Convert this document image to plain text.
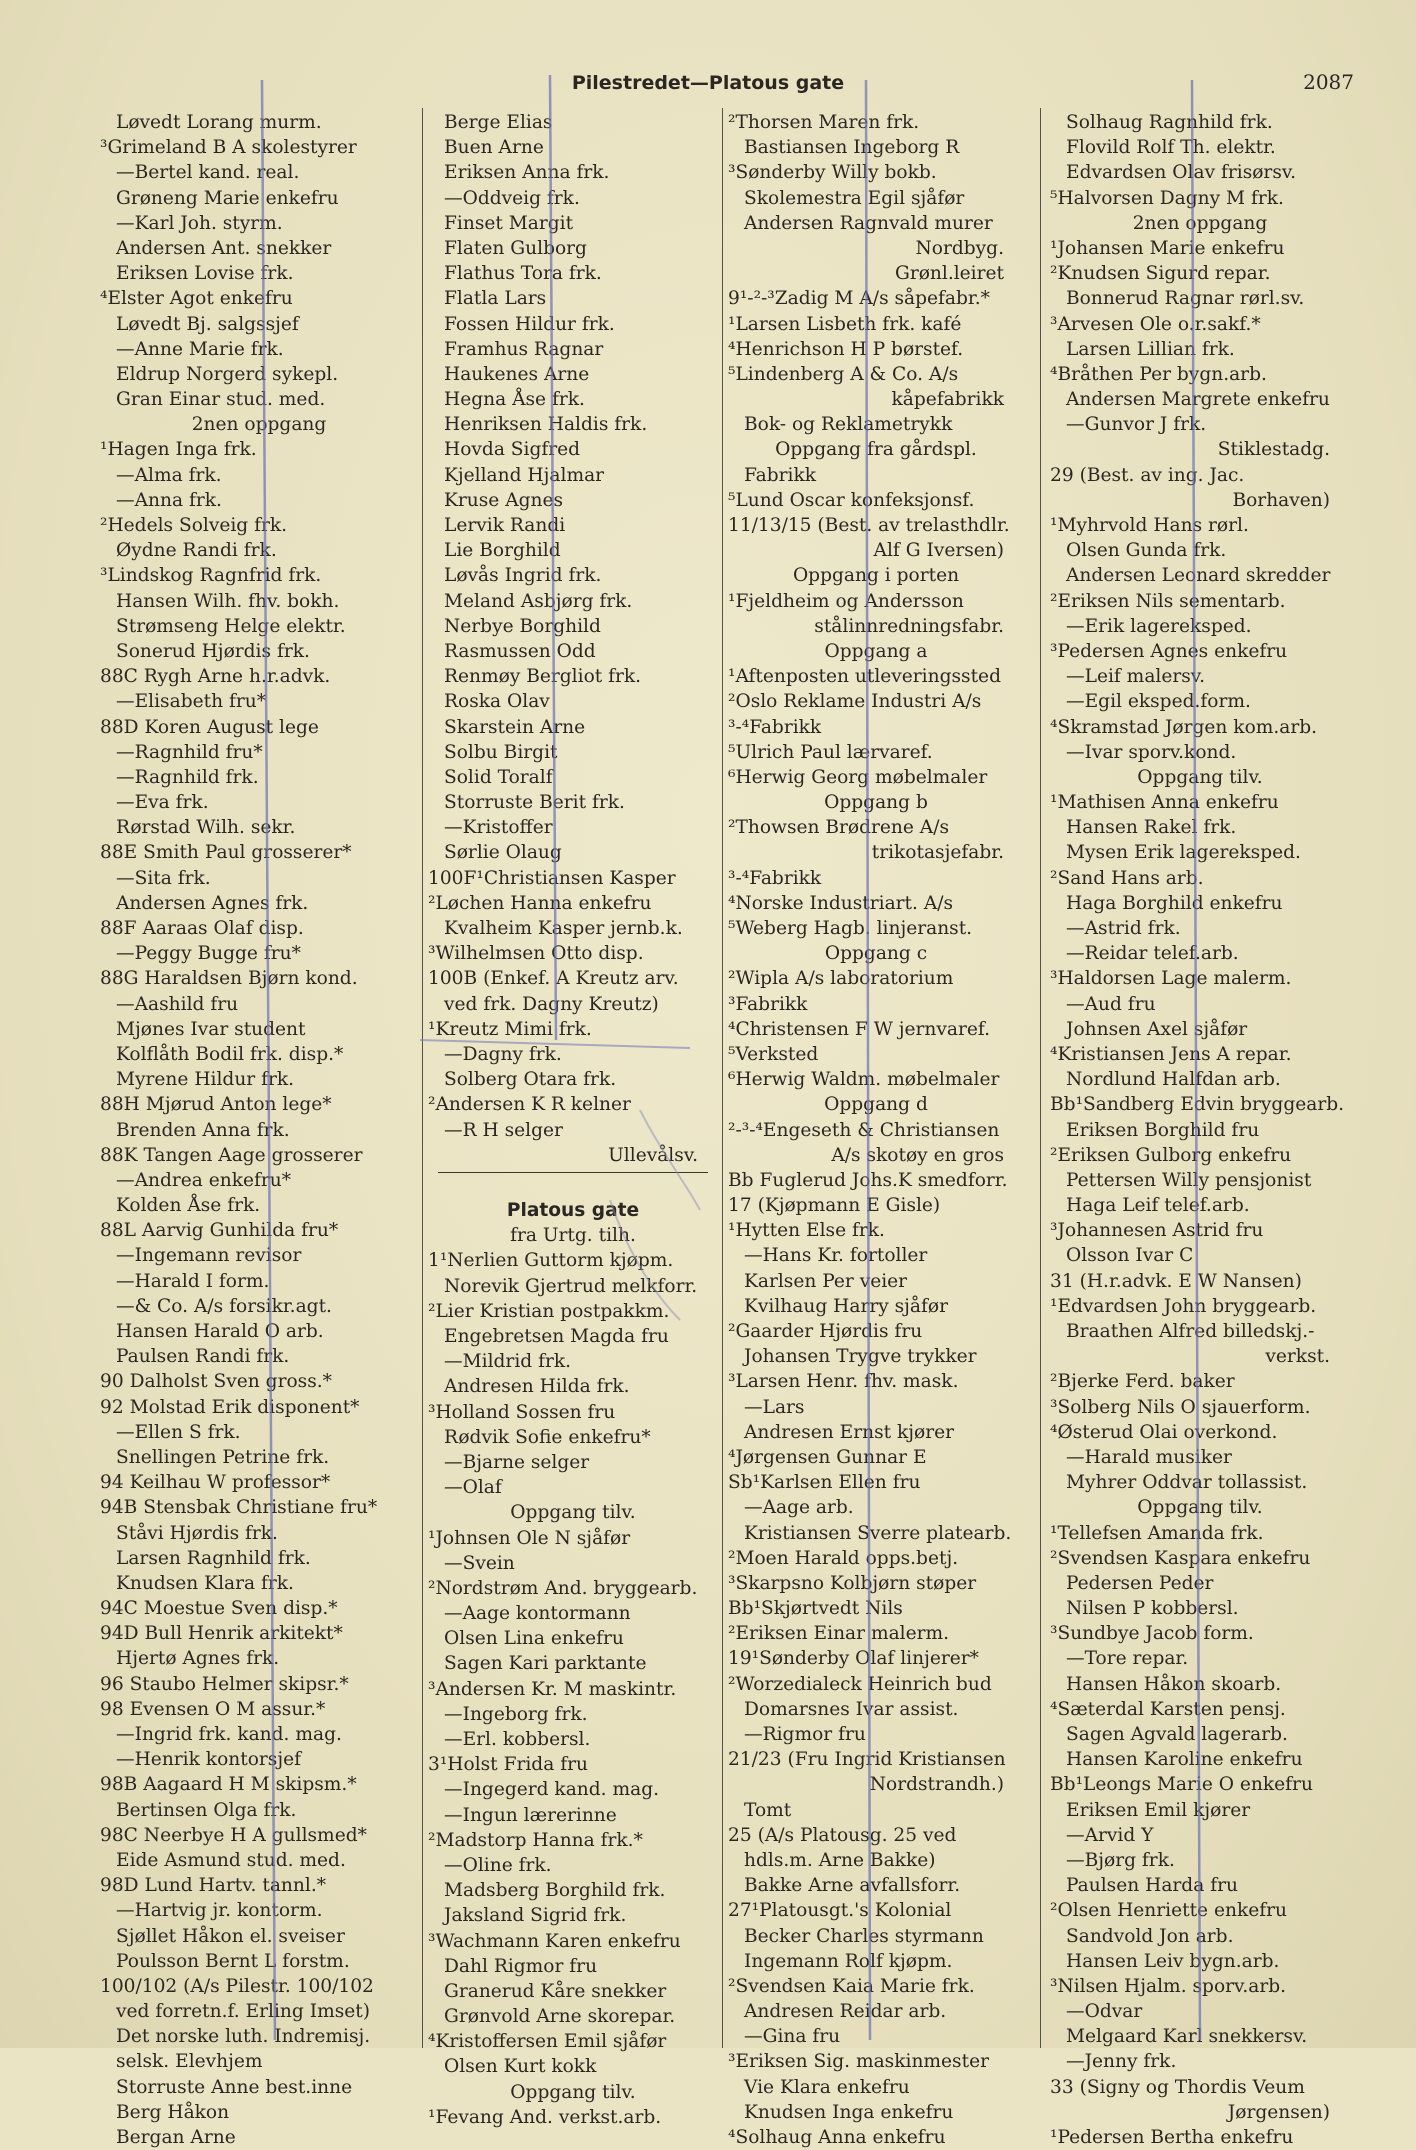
Pilestredet—Platous gate	2087
Løvedt Lorang murm.
³Grimeland B A skolestyrer
—Bertel kand. real.
Grøneng Marie enkefru
—Karl Joh. styrm.
Andersen Ant. snekker
Eriksen Lovise frk.
⁴Elster Agot enkefru
Løvedt Bj. salgssjef
—Anne Marie frk.
Eldrup Norgerd sykepl.
Gran Einar stud. med.
2nen oppgang
¹Hagen Inga frk.
—Alma frk.
—Anna frk.
²Hedels Solveig frk.
Øydne Randi frk.
³Lindskog Ragnfrid frk.
Hansen Wilh. fhv. bokh.
Strømseng Helge elektr.
Sonerud Hjørdis frk.
88C Rygh Arne h.r.advk.
—Elisabeth fru*
88D Koren August lege
—Ragnhild fru*
—Ragnhild frk.
—Eva frk.
Rørstad Wilh. sekr.
88E Smith Paul grosserer*
—Sita frk.
Andersen Agnes frk.
88F Aaraas Olaf disp.
—Peggy Bugge fru*
88G Haraldsen Bjørn kond.
—Aashild fru
Mjønes Ivar student
Kolflåth Bodil frk. disp.*
Myrene Hildur frk.
88H Mjørud Anton lege*
Brenden Anna frk.
88K Tangen Aage grosserer
—Andrea enkefru*
Kolden Åse frk.
88L Aarvig Gunhilda fru*
—Ingemann revisor
—Harald I form.
—& Co. A/s forsikr.agt.
Hansen Harald O arb.
Paulsen Randi frk.
90 Dalholst Sven gross.*
92 Molstad Erik disponent*
—Ellen S frk.
Snellingen Petrine frk.
94 Keilhau W professor*
94B Stensbak Christiane fru*
Ståvi Hjørdis frk.
Larsen Ragnhild frk.
Knudsen Klara frk.
94C Moestue Sven disp.*
94D Bull Henrik arkitekt*
Hjertø Agnes frk.
96 Staubo Helmer skipsr.*
98 Evensen O M assur.*
—Ingrid frk. kand. mag.
—Henrik kontorsjef
98B Aagaard H M skipsm.*
Bertinsen Olga frk.
98C Neerbye H A gullsmed*
Eide Asmund stud. med.
98D Lund Hartv. tannl.*
—Hartvig jr. kontorm.
Sjøllet Håkon el. sveiser
Poulsson Bernt L forstm.
100/102 (A/s Pilestr. 100/102
ved forretn.f. Erling Imset)
Det norske luth. Indremisj.
selsk. Elevhjem
Storruste Anne best.inne
Berg Håkon
Bergan Arne
Berge Elias
Buen Arne
Eriksen Anna frk.
—Oddveig frk.
Finset Margit
Flaten Gulborg
Flathus Tora frk.
Flatla Lars
Fossen Hildur frk.
Framhus Ragnar
Haukenes Arne
Hegna Åse frk.
Henriksen Haldis frk.
Hovda Sigfred
Kjelland Hjalmar
Kruse Agnes
Lervik Randi
Lie Borghild
Løvås Ingrid frk.
Meland Asbjørg frk.
Nerbye Borghild
Rasmussen Odd
Renmøy Bergliot frk.
Roska Olav
Skarstein Arne
Solbu Birgit
Solid Toralf
Storruste Berit frk.
—Kristoffer
Sørlie Olaug
100F¹Christiansen Kasper
²Løchen Hanna enkefru
Kvalheim Kasper jernb.k.
³Wilhelmsen Otto disp.
100B (Enkef. A Kreutz arv.
ved frk. Dagny Kreutz)
¹Kreutz Mimi frk.
—Dagny frk.
Solberg Otara frk.
²Andersen K R kelner
—R H selger
Ullevålsv.
Platous gate
fra Urtg. tilh.
1¹Nerlien Guttorm kjøpm.
Norevik Gjertrud melkforr.
²Lier Kristian postpakkm.
Engebretsen Magda fru
—Mildrid frk.
Andresen Hilda frk.
³Holland Sossen fru
Rødvik Sofie enkefru*
—Bjarne selger
—Olaf
Oppgang tilv.
¹Johnsen Ole N sjåfør
—Svein
²Nordstrøm And. bryggearb.
—Aage kontormann
Olsen Lina enkefru
Sagen Kari parktante
³Andersen Kr. M maskintr.
—Ingeborg frk.
—Erl. kobbersl.
3¹Holst Frida fru
—Ingegerd kand. mag.
—Ingun lærerinne
²Madstorp Hanna frk.*
—Oline frk.
Madsberg Borghild frk.
Jaksland Sigrid frk.
³Wachmann Karen enkefru
Dahl Rigmor fru
Granerud Kåre snekker
Grønvold Arne skorepar.
⁴Kristoffersen Emil sjåfør
Olsen Kurt kokk
Oppgang tilv.
¹Fevang And. verkst.arb.
²Thorsen Maren frk.
Bastiansen Ingeborg R
³Sønderby Willy bokb.
Skolemestra Egil sjåfør
Andersen Ragnvald murer
Nordbyg.
Grønl.leiret
9¹-²-³Zadig M A/s såpefabr.*
¹Larsen Lisbeth frk. kafé
⁴Henrichson H P børstef.
⁵Lindenberg A & Co. A/s
kåpefabrikk
Bok- og Reklametrykk
Oppgang fra gårdspl.
Fabrikk
⁵Lund Oscar konfeksjonsf.
11/13/15 (Best. av trelasthdlr.
Alf G Iversen)
Oppgang i porten
¹Fjeldheim og Andersson
stålinnredningsfabr.
Oppgang a
¹Aftenposten utleveringssted
²Oslo Reklame Industri A/s
³-⁴Fabrikk
⁵Ulrich Paul lærvaref.
⁶Herwig Georg møbelmaler
Oppgang b
²Thowsen Brødrene A/s
trikotasjefabr.
³-⁴Fabrikk
⁴Norske Industriart. A/s
⁵Weberg Hagb. linjeranst.
Oppgang c
²Wipla A/s laboratorium
³Fabrikk
⁴Christensen F W jernvaref.
⁵Verksted
⁶Herwig Waldm. møbelmaler
Oppgang d
²-³-⁴Engeseth & Christiansen
A/s skotøy en gros
Bb Fuglerud Johs.K smedforr.
17 (Kjøpmann E Gisle)
¹Hytten Else frk.
—Hans Kr. fortoller
Karlsen Per veier
Kvilhaug Harry sjåfør
²Gaarder Hjørdis fru
Johansen Trygve trykker
³Larsen Henr. fhv. mask.
—Lars
Andresen Ernst kjører
⁴Jørgensen Gunnar E
Sb¹Karlsen Ellen fru
—Aage arb.
Kristiansen Sverre platearb.
²Moen Harald opps.betj.
³Skarpsno Kolbjørn støper
Bb¹Skjørtvedt Nils
²Eriksen Einar malerm.
19¹Sønderby Olaf linjerer*
²Worzedialeck Heinrich bud
Domarsnes Ivar assist.
—Rigmor fru
21/23 (Fru Ingrid Kristiansen
Nordstrandh.)
Tomt
25 (A/s Platousg. 25 ved
hdls.m. Arne Bakke)
Bakke Arne avfallsforr.
27¹Platousgt.'s Kolonial
Becker Charles styrmann
Ingemann Rolf kjøpm.
²Svendsen Kaia Marie frk.
Andresen Reidar arb.
—Gina fru
³Eriksen Sig. maskinmester
Vie Klara enkefru
Knudsen Inga enkefru
⁴Solhaug Anna enkefru
Solhaug Ragnhild frk.
Flovild Rolf Th. elektr.
Edvardsen Olav frisørsv.
⁵Halvorsen Dagny M frk.
2nen oppgang
¹Johansen Marie enkefru
²Knudsen Sigurd repar.
Bonnerud Ragnar rørl.sv.
³Arvesen Ole o.r.sakf.*
Larsen Lillian frk.
⁴Bråthen Per bygn.arb.
Andersen Margrete enkefru
—Gunvor J frk.
Stiklestadg.
29 (Best. av ing. Jac.
Borhaven)
¹Myhrvold Hans rørl.
Olsen Gunda frk.
Andersen Leonard skredder
²Eriksen Nils sementarb.
—Erik lagereksped.
³Pedersen Agnes enkefru
—Leif malersv.
—Egil eksped.form.
⁴Skramstad Jørgen kom.arb.
—Ivar sporv.kond.
Oppgang tilv.
¹Mathisen Anna enkefru
Hansen Rakel frk.
Mysen Erik lagereksped.
²Sand Hans arb.
Haga Borghild enkefru
—Astrid frk.
—Reidar telef.arb.
³Haldorsen Lage malerm.
—Aud fru
Johnsen Axel sjåfør
⁴Kristiansen Jens A repar.
Nordlund Halfdan arb.
Bb¹Sandberg Edvin bryggearb.
Eriksen Borghild fru
²Eriksen Gulborg enkefru
Pettersen Willy pensjonist
Haga Leif telef.arb.
³Johannesen Astrid fru
Olsson Ivar C
31 (H.r.advk. E W Nansen)
¹Edvardsen John bryggearb.
Braathen Alfred billedskj.-
verkst.
²Bjerke Ferd. baker
³Solberg Nils O sjauerform.
⁴Østerud Olai overkond.
—Harald musiker
Myhrer Oddvar tollassist.
Oppgang tilv.
¹Tellefsen Amanda frk.
²Svendsen Kaspara enkefru
Pedersen Peder
Nilsen P kobbersl.
³Sundbye Jacob form.
—Tore repar.
Hansen Håkon skoarb.
⁴Sæterdal Karsten pensj.
Sagen Agvald lagerarb.
Hansen Karoline enkefru
Bb¹Leongs Marie O enkefru
Eriksen Emil kjører
—Arvid Y
—Bjørg frk.
Paulsen Harda fru
²Olsen Henriette enkefru
Sandvold Jon arb.
Hansen Leiv bygn.arb.
³Nilsen Hjalm. sporv.arb.
—Odvar
Melgaard Karl snekkersv.
—Jenny frk.
33 (Signy og Thordis Veum
Jørgensen)
¹Pedersen Bertha enkefru
